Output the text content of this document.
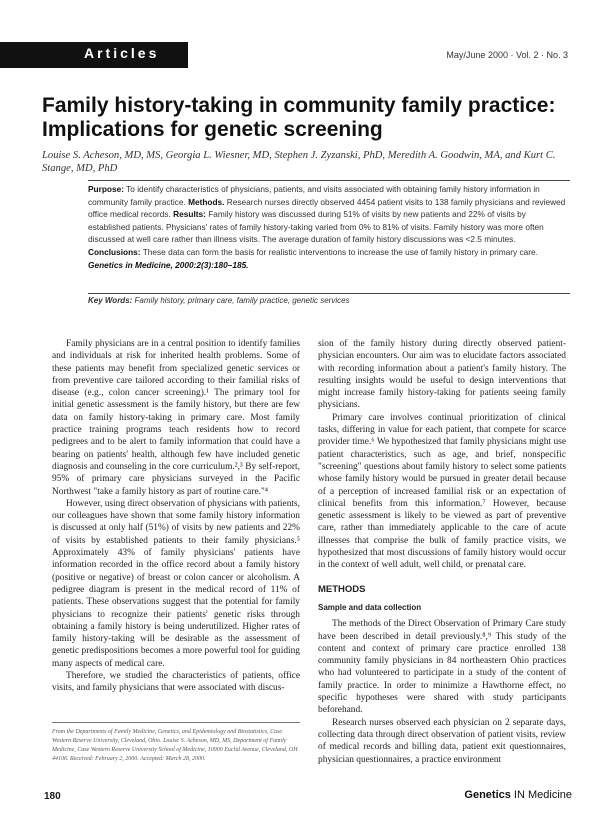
Articles	May/June 2000 · Vol. 2 · No. 3
Family history-taking in community family practice: Implications for genetic screening
Louise S. Acheson, MD, MS, Georgia L. Wiesner, MD, Stephen J. Zyzanski, PhD, Meredith A. Goodwin, MA, and Kurt C. Stange, MD, PhD
Purpose: To identify characteristics of physicians, patients, and visits associated with obtaining family history information in community family practice. Methods. Research nurses directly observed 4454 patient visits to 138 family physicians and reviewed office medical records. Results: Family history was discussed during 51% of visits by new patients and 22% of visits by established patients. Physicians' rates of family history-taking varied from 0% to 81% of visits. Family history was more often discussed at well care rather than illness visits. The average duration of family history discussions was <2.5 minutes. Conclusions: These data can form the basis for realistic interventions to increase the use of family history in primary care. Genetics in Medicine, 2000:2(3):180–185.
Key Words: Family history, primary care, family practice, genetic services

Family physicians are in a central position to identify families and individuals at risk for inherited health problems. Some of these patients may benefit from specialized genetic services or from preventive care tailored according to their familial risks of disease (e.g., colon cancer screening).¹ The primary tool for initial genetic assessment is the family history, but there are few data on family history-taking in primary care. Most family practice training programs teach residents how to record pedigrees and to be alert to family information that could have a bearing on patients' health, although few have included genetic diagnosis and counseling in the core curriculum.²,³ By self-report, 95% of primary care physicians surveyed in the Pacific Northwest "take a family history as part of routine care."⁴

However, using direct observation of physicians with patients, our colleagues have shown that some family history information is discussed at only half (51%) of visits by new patients and 22% of visits by established patients to their family physicians.⁵ Approximately 43% of family physicians' patients have information recorded in the office record about a family history (positive or negative) of breast or colon cancer or alcoholism. A pedigree diagram is present in the medical record of 11% of patients. These observations suggest that the potential for family physicians to recognize their patients' genetic risks through obtaining a family history is being underutilized. Higher rates of family history-taking will be desirable as the assessment of genetic predispositions becomes a more powerful tool for guiding many aspects of medical care.

Therefore, we studied the characteristics of patients, office visits, and family physicians that were associated with discus-

sion of the family history during directly observed patient-physician encounters. Our aim was to elucidate factors associated with recording information about a patient's family history. The resulting insights would be useful to design interventions that might increase family history-taking for patients seeing family physicians.

Primary care involves continual prioritization of clinical tasks, differing in value for each patient, that compete for scarce provider time.⁶ We hypothesized that family physicians might use patient characteristics, such as age, and brief, nonspecific "screening" questions about family history to select some patients whose family history would be pursued in greater detail because of a perception of increased familial risk or an expectation of clinical benefits from this information.⁷ However, because genetic assessment is likely to be viewed as part of preventive care, rather than immediately applicable to the care of acute illnesses that comprise the bulk of family practice visits, we hypothesized that most discussions of family history would occur in the context of well adult, well child, or prenatal care.

METHODS
Sample and data collection

The methods of the Direct Observation of Primary Care study have been described in detail previously.⁸,⁹ This study of the content and context of primary care practice enrolled 138 community family physicians in 84 northeastern Ohio practices who had volunteered to participate in a study of the content of family practice. In order to minimize a Hawthorne effect, no specific hypotheses were shared with study participants beforehand.

Research nurses observed each physician on 2 separate days, collecting data through direct observation of patient visits, review of medical records and billing data, patient exit questionnaires, physician questionnaires, a practice environment

From the Departments of Family Medicine, Genetics, and Epidemiology and Biostatistics, Case Western Reserve University, Cleveland, Ohio. Louise S. Acheson, MD, MS, Department of Family Medicine, Case Western Reserve University School of Medicine, 10900 Euclid Avenue, Cleveland, OH 44106. Received: February 2, 2000. Accepted: March 28, 2000.
180	Genetics IN Medicine
